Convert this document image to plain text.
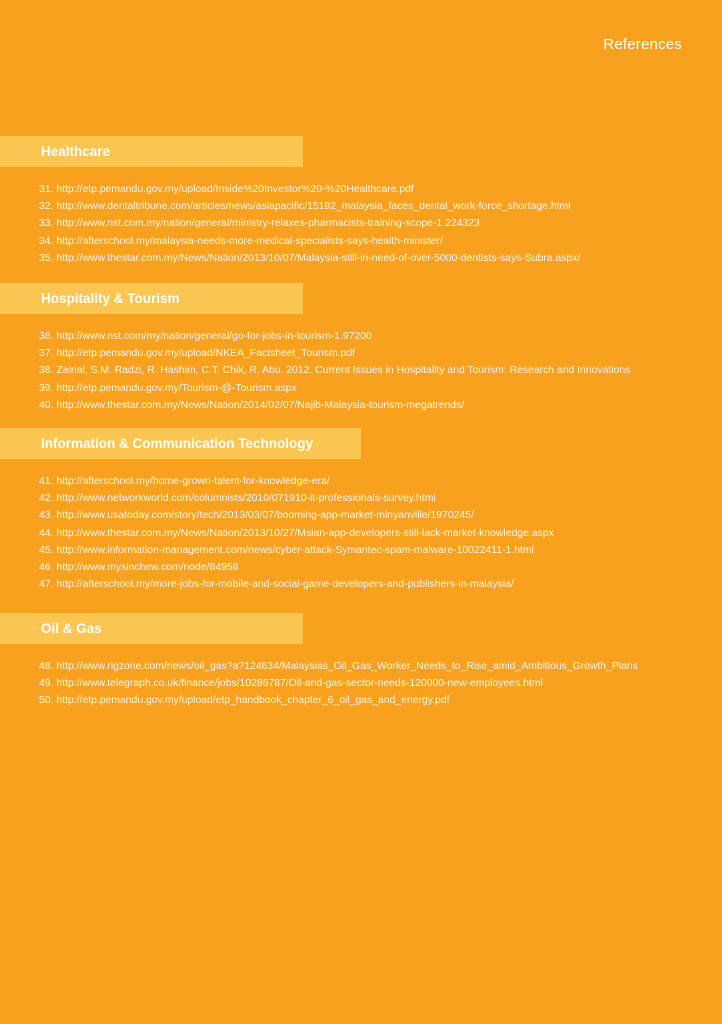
References
Healthcare
31. http://etp.pemandu.gov.my/upload/Inside%20Investor%20-%20Healthcare.pdf
32. http://www.dentaltribune.com/articles/news/asiapacific/15192_malaysia_faces_dental_work-force_shortage.html
33. http://www.nst.com.my/nation/general/ministry-relaxes-pharmacists-training-scope-1.224323
34. http://afterschool.my/malaysia-needs-more-medical-specialists-says-health-minister/
35. http://www.thestar.com.my/News/Nation/2013/10/07/Malaysia-still-in-need-of-over-5000-dentists-says-Subra.aspx/
Hospitality & Tourism
36. http://www.nst.com/my/nation/general/go-for-jobs-in-tourism-1.97200
37. http://etp.pemandu.gov.my/upload/NKEA_Factsheet_Tourism.pdf
38. Zainal, S.M. Radzi, R. Hashim, C.T. Chik, R. Abu. 2012. Current Issues in Hospitality and Tourism: Research and Innovations
39. http://etp.pemandu.gov.my/Tourism-@-Tourism.aspx
40. http://www.thestar.com.my/News/Nation/2014/02/07/Najib-Malaysia-tourism-megatrends/
Information & Communication Technology
41. http://afterschool.my/home-grown-talent-for-knowledge-era/
42. http://www.networkworld.com/columnists/2010/071910-it-professionals-survey.html
43. http://www.usatoday.com/story/tech/2013/03/07/booming-app-market-minyanville/1970245/
44. http://www.thestar.com.my/News/Nation/2013/10/27/Msian-app-developers-still-lack-market-knowledge.aspx
45. http://www.information-management.com/news/cyber-attack-Symantec-spam-malware-10022411-1.html
46. http://www.mysinchew.com/node/84958
47. http://afterschool.my/more-jobs-for-mobile-and-social-game-developers-and-publishers-in-malaysia/
Oil & Gas
48. http://www.rigzone.com/news/oil_gas?a?124634/Malaysias_Oil_Gas_Worker_Needs_to_Rise_amid_Ambitious_Growth_Plans
49. http://www.telegraph.co.uk/finance/jobs/10286787/Oil-and-gas-sector-needs-120000-new-employees.html
50. http://etp.pemandu.gov.my/upload/etp_handbook_chapter_6_oil_gas_and_energy.pdf
